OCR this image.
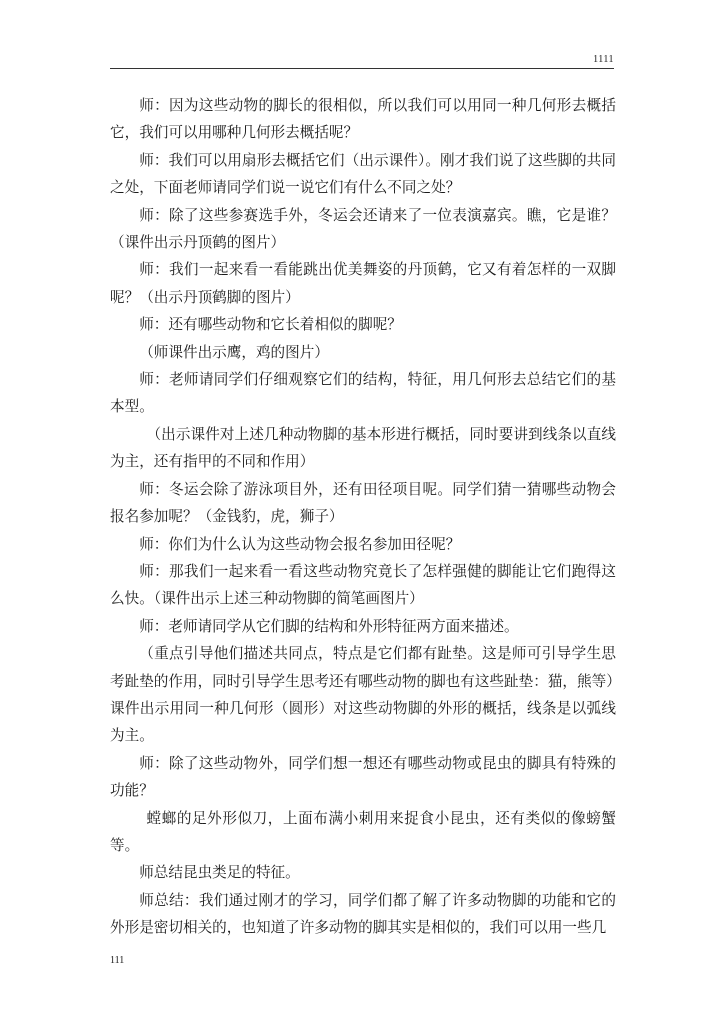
1111

师：因为这些动物的脚长的很相似，所以我们可以用同一种几何形去概括它，我们可以用哪种几何形去概括呢？

师：我们可以用扇形去概括它们（出示课件）。刚才我们说了这些脚的共同之处，下面老师请同学们说一说它们有什么不同之处？

师：除了这些参赛选手外，冬运会还请来了一位表演嘉宾。瞧，它是谁？（课件出示丹顶鹤的图片）

师：我们一起来看一看能跳出优美舞姿的丹顶鹤，它又有着怎样的一双脚呢？（出示丹顶鹤脚的图片）

师：还有哪些动物和它长着相似的脚呢？

（师课件出示鹰，鸡的图片）

师：老师请同学们仔细观察它们的结构，特征，用几何形去总结它们的基本型。

（出示课件对上述几种动物脚的基本形进行概括，同时要讲到线条以直线为主，还有指甲的不同和作用）

师：冬运会除了游泳项目外，还有田径项目呢。同学们猜一猜哪些动物会报名参加呢？（金钱豹，虎，狮子）

师：你们为什么认为这些动物会报名参加田径呢？

师：那我们一起来看一看这些动物究竟长了怎样强健的脚能让它们跑得这么快。（课件出示上述三种动物脚的简笔画图片）

师：老师请同学从它们脚的结构和外形特征两方面来描述。

（重点引导他们描述共同点，特点是它们都有趾垫。这是师可引导学生思考趾垫的作用，同时引导学生思考还有哪些动物的脚也有这些趾垫：猫，熊等）

课件出示用同一种几何形（圆形）对这些动物脚的外形的概括，线条是以弧线为主。

师：除了这些动物外，同学们想一想还有哪些动物或昆虫的脚具有特殊的功能？

螳螂的足外形似刀，上面布满小刺用来捉食小昆虫，还有类似的像螃蟹等。

师总结昆虫类足的特征。

师总结：我们通过刚才的学习，同学们都了解了许多动物脚的功能和它的外形是密切相关的，也知道了许多动物的脚其实是相似的，我们可以用一些几

111
